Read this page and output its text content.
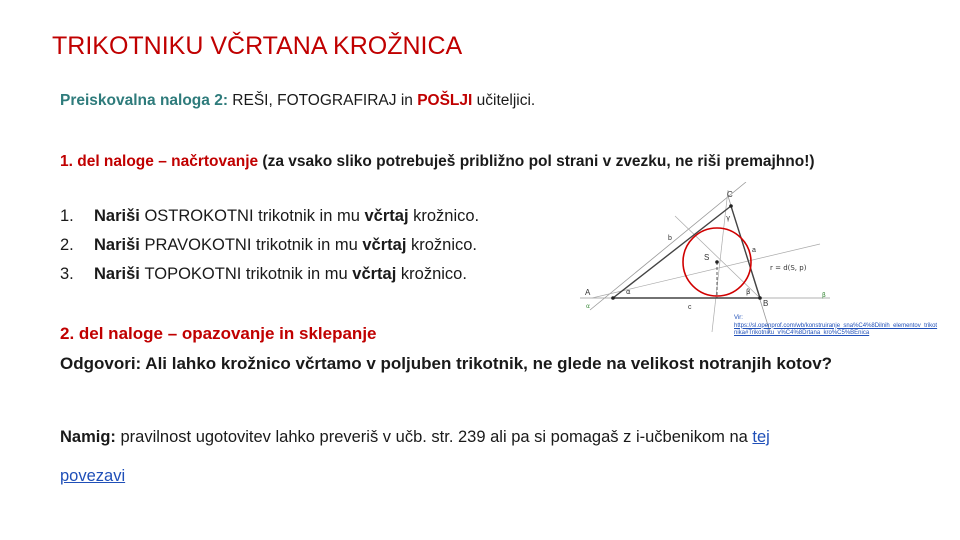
TRIKOTNIKU VČRTANA KROŽNICA
Preiskovalna naloga 2: REŠI, FOTOGRAFIRAJ in POŠLJI učiteljici.
1. del naloge – načrtovanje (za vsako sliko potrebuješ približno pol strani v zvezku, ne riši premajhno!)
1. Nariši OSTROKOTNI trikotnik in mu včrtaj krožnico.
2. Nariši PRAVOKOTNI trikotnik in mu včrtaj krožnico.
3. Nariši TOPOKOTNI trikotnik in mu včrtaj krožnico.
C
A
B
S
a
b
c
α	β
γ
r = d(S, p)
α
β
Vir:
https://sl.openprof.com/wb/konstruiranje_sna%C4%8Dilnih_elementov_trikotnika#Trikotniku_v%C4%8Drtana_kro%C5%BEnica
2. del naloge – opazovanje in sklepanje
Odgovori: Ali lahko krožnico včrtamo v poljuben trikotnik, ne glede na velikost notranjih kotov?
Namig: pravilnost ugotovitev lahko preveriš v učb. str. 239 ali pa si pomagaš z i-učbenikom na tej
povezavi
